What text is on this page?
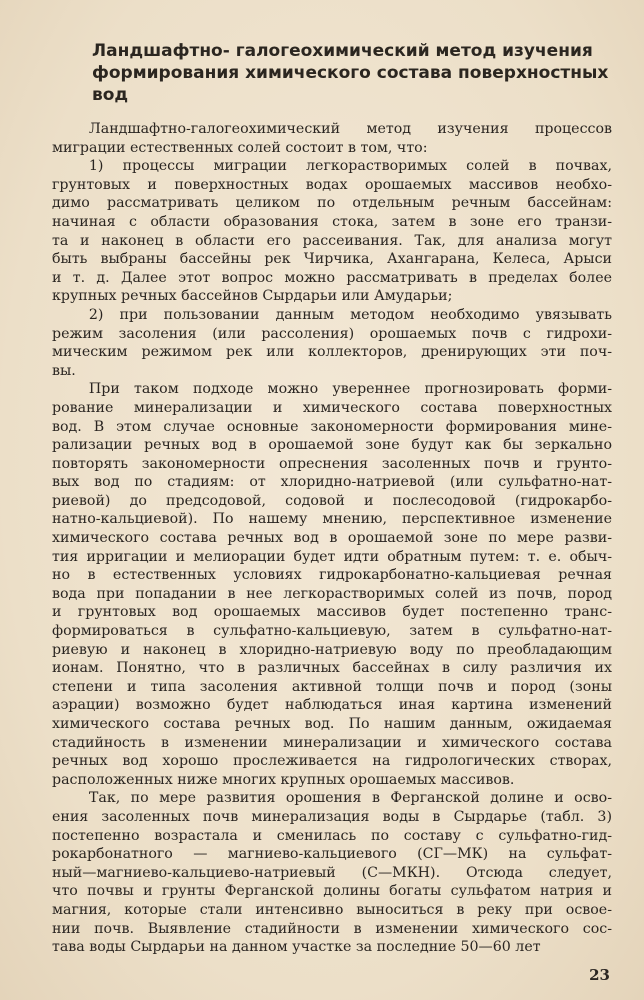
Ландшафтно- галогеохимический метод изучения
формирования химического состава поверхностных
вод

Ландшафтно-галогеохимический метод изучения процессов
миграции естественных солей состоит в том, что:

1) процессы миграции легкорастворимых солей в почвах,
грунтовых и поверхностных водах орошаемых массивов необхо-
димо рассматривать целиком по отдельным речным бассейнам:
начиная с области образования стока, затем в зоне его транзи-
та и наконец в области его рассеивания. Так, для анализа могут
быть выбраны бассейны рек Чирчика, Ахангарана, Келеса, Арыси
и т. д. Далее этот вопрос можно рассматривать в пределах более
крупных речных бассейнов Сырдарьи или Амударьи;

2) при пользовании данным методом необходимо увязывать
режим засоления (или рассоления) орошаемых почв с гидрохи-
мическим режимом рек или коллекторов, дренирующих эти поч-
вы.

При таком подходе можно увереннее прогнозировать форми-
рование минерализации и химического состава поверхностных
вод. В этом случае основные закономерности формирования мине-
рализации речных вод в орошаемой зоне будут как бы зеркально
повторять закономерности опреснения засоленных почв и грунто-
вых вод по стадиям: от хлоридно-натриевой (или сульфатно-нат-
риевой) до предсодовой, содовой и послесодовой (гидрокарбо-
натно-кальциевой). По нашему мнению, перспективное изменение
химического состава речных вод в орошаемой зоне по мере разви-
тия ирригации и мелиорации будет идти обратным путем: т. е. обыч-
но в естественных условиях гидрокарбонатно-кальциевая речная
вода при попадании в нее легкорастворимых солей из почв, пород
и грунтовых вод орошаемых массивов будет постепенно транс-
формироваться в сульфатно-кальциевую, затем в сульфатно-нат-
риевую и наконец в хлоридно-натриевую воду по преобладающим
ионам. Понятно, что в различных бассейнах в силу различия их
степени и типа засоления активной толщи почв и пород (зоны
аэрации) возможно будет наблюдаться иная картина изменений
химического состава речных вод. По нашим данным, ожидаемая
стадийность в изменении минерализации и химического состава
речных вод хорошо прослеживается на гидрологических створах,
расположенных ниже многих крупных орошаемых массивов.

Так, по мере развития орошения в Ферганской долине и осво-
ения засоленных почв минерализация воды в Сырдарье (табл. 3)
постепенно возрастала и сменилась по составу с сульфатно-гид-
рокарбонатного — магниево-кальциевого (СГ—МК) на сульфат-
ный—магниево-кальциево-натриевый (С—МКН). Отсюда следует,
что почвы и грунты Ферганской долины богаты сульфатом натрия и
магния, которые стали интенсивно выноситься в реку при освое-
нии почв. Выявление стадийности в изменении химического сос-
тава воды Сырдарьи на данном участке за последние 50—60 лет

23
